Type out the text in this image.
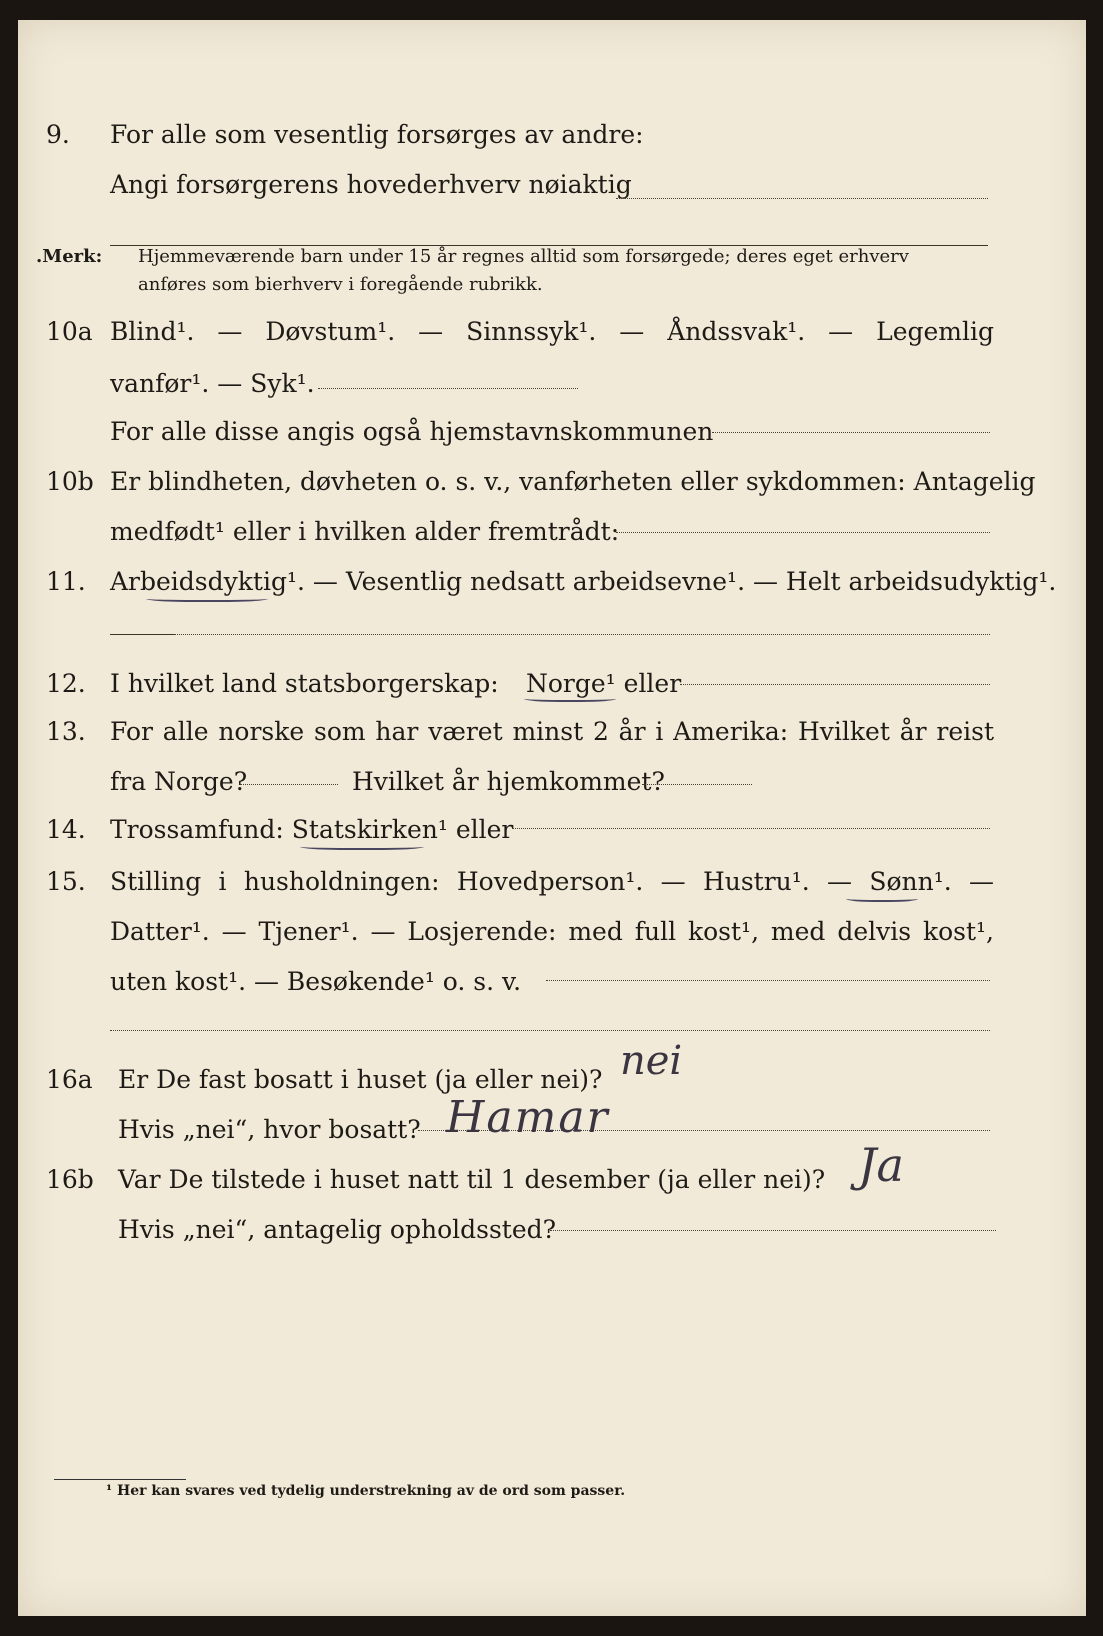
9. For alle som vesentlig forsørges av andre:
Angi forsørgerens hovederhverv nøiaktig
.Merk: Hjemmeværende barn under 15 år regnes alltid som forsørgede; deres eget erhverv
anføres som bierhverv i foregående rubrikk.
10a Blind¹. — Døvstum¹. — Sinnssyk¹. — Åndssvak¹. — Legemlig
vanfør¹. — Syk¹.
For alle disse angis også hjemstavnskommunen
10b Er blindheten, døvheten o. s. v., vanførheten eller sykdommen: Antagelig
medfødt¹ eller i hvilken alder fremtrådt:
11. Arbeidsdyktig¹. — Vesentlig nedsatt arbeidsevne¹. — Helt arbeidsudyktig¹.
12. I hvilket land statsborgerskap: Norge¹ eller
13. For alle norske som har været minst 2 år i Amerika: Hvilket år reist
fra Norge?	Hvilket år hjemkommet?
14. Trossamfund: Statskirken¹ eller
15. Stilling i husholdningen: Hovedperson¹. — Hustru¹. — Sønn¹. —
Datter¹. — Tjener¹. — Losjerende: med full kost¹, med delvis kost¹,
uten kost¹. — Besøkende¹ o. s. v.
16a Er De fast bosatt i huset (ja eller nei)? nei
Hvis „nei“, hvor bosatt? Hamar
16b Var De tilstede i huset natt til 1 desember (ja eller nei)? Ja
Hvis „nei“, antagelig opholdssted?
¹ Her kan svares ved tydelig understrekning av de ord som passer.
